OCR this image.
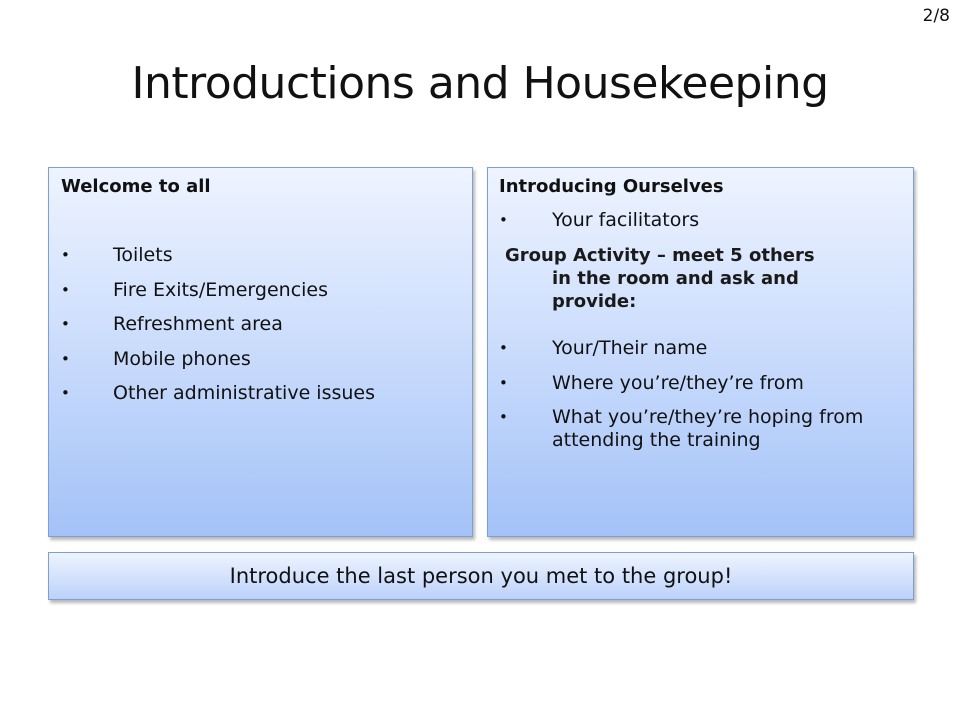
2/8
Introductions and Housekeeping
Welcome to all
• Toilets
• Fire Exits/Emergencies
• Refreshment area
• Mobile phones
• Other administrative issues
Introducing Ourselves
• Your facilitators
Group Activity – meet 5 others
in the room and ask and provide:
• Your/Their name
• Where you’re/they’re from
• What you’re/they’re hoping from attending the training
Introduce the last person you met to the group!
